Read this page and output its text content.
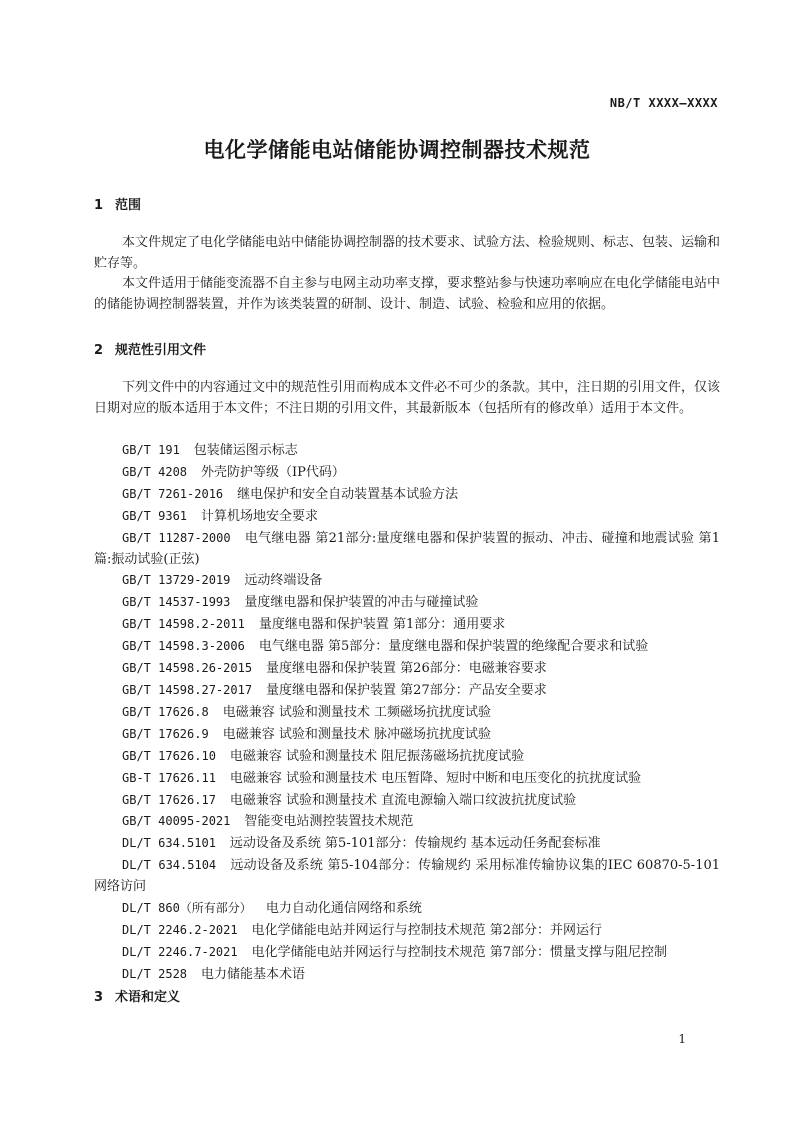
NB/T XXXX—XXXX
电化学储能电站储能协调控制器技术规范
1 范围
本文件规定了电化学储能电站中储能协调控制器的技术要求、试验方法、检验规则、标志、包装、运输和贮存等。
本文件适用于储能变流器不自主参与电网主动功率支撑，要求整站参与快速功率响应在电化学储能电站中的储能协调控制器装置，并作为该类装置的研制、设计、制造、试验、检验和应用的依据。
2 规范性引用文件
下列文件中的内容通过文中的规范性引用而构成本文件必不可少的条款。其中，注日期的引用文件，仅该日期对应的版本适用于本文件；不注日期的引用文件，其最新版本（包括所有的修改单）适用于本文件。
GB/T 191 包装储运图示标志
GB/T 4208 外壳防护等级（IP代码）
GB/T 7261-2016 继电保护和安全自动装置基本试验方法
GB/T 9361 计算机场地安全要求
GB/T 11287-2000 电气继电器 第21部分:量度继电器和保护装置的振动、冲击、碰撞和地震试验 第1篇:振动试验(正弦)
GB/T 13729-2019 远动终端设备
GB/T 14537-1993 量度继电器和保护装置的冲击与碰撞试验
GB/T 14598.2-2011 量度继电器和保护装置 第1部分：通用要求
GB/T 14598.3-2006 电气继电器 第5部分：量度继电器和保护装置的绝缘配合要求和试验
GB/T 14598.26-2015 量度继电器和保护装置 第26部分：电磁兼容要求
GB/T 14598.27-2017 量度继电器和保护装置 第27部分：产品安全要求
GB/T 17626.8 电磁兼容 试验和测量技术 工频磁场抗扰度试验
GB/T 17626.9 电磁兼容 试验和测量技术 脉冲磁场抗扰度试验
GB/T 17626.10 电磁兼容 试验和测量技术 阻尼振荡磁场抗扰度试验
GB-T 17626.11 电磁兼容 试验和测量技术 电压暂降、短时中断和电压变化的抗扰度试验
GB/T 17626.17 电磁兼容 试验和测量技术 直流电源输入端口纹波抗扰度试验
GB/T 40095-2021 智能变电站测控装置技术规范
DL/T 634.5101 远动设备及系统 第5-101部分：传输规约 基本远动任务配套标准
DL/T 634.5104 远动设备及系统 第5-104部分：传输规约 采用标准传输协议集的IEC 60870-5-101网络访问
DL/T 860（所有部分） 电力自动化通信网络和系统
DL/T 2246.2-2021 电化学储能电站并网运行与控制技术规范 第2部分：并网运行
DL/T 2246.7-2021 电化学储能电站并网运行与控制技术规范 第7部分：惯量支撑与阻尼控制
DL/T 2528 电力储能基本术语
3 术语和定义
1
